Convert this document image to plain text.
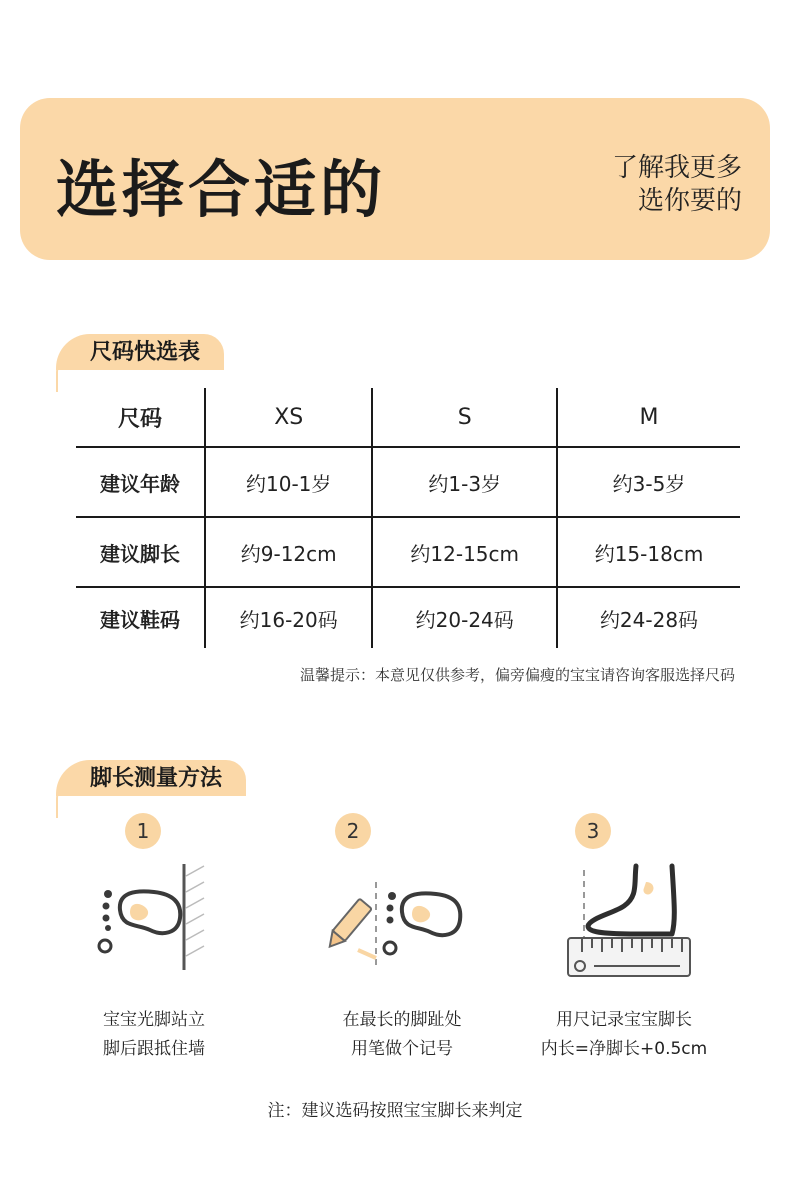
选择合适的	了解我更多
选你要的
尺码快选表
尺码	XS	S	M
建议年龄	约10-1岁	约1-3岁	约3-5岁
建议脚长	约9-12cm	约12-15cm	约15-18cm
建议鞋码	约16-20码	约20-24码	约24-28码
温馨提示：本意见仅供参考，偏旁偏瘦的宝宝请咨询客服选择尺码
脚长测量方法
1
宝宝光脚站立
脚后跟抵住墙
2
在最长的脚趾处
用笔做个记号
3
用尺记录宝宝脚长
内长=净脚长+0.5cm
注：建议选码按照宝宝脚长来判定
